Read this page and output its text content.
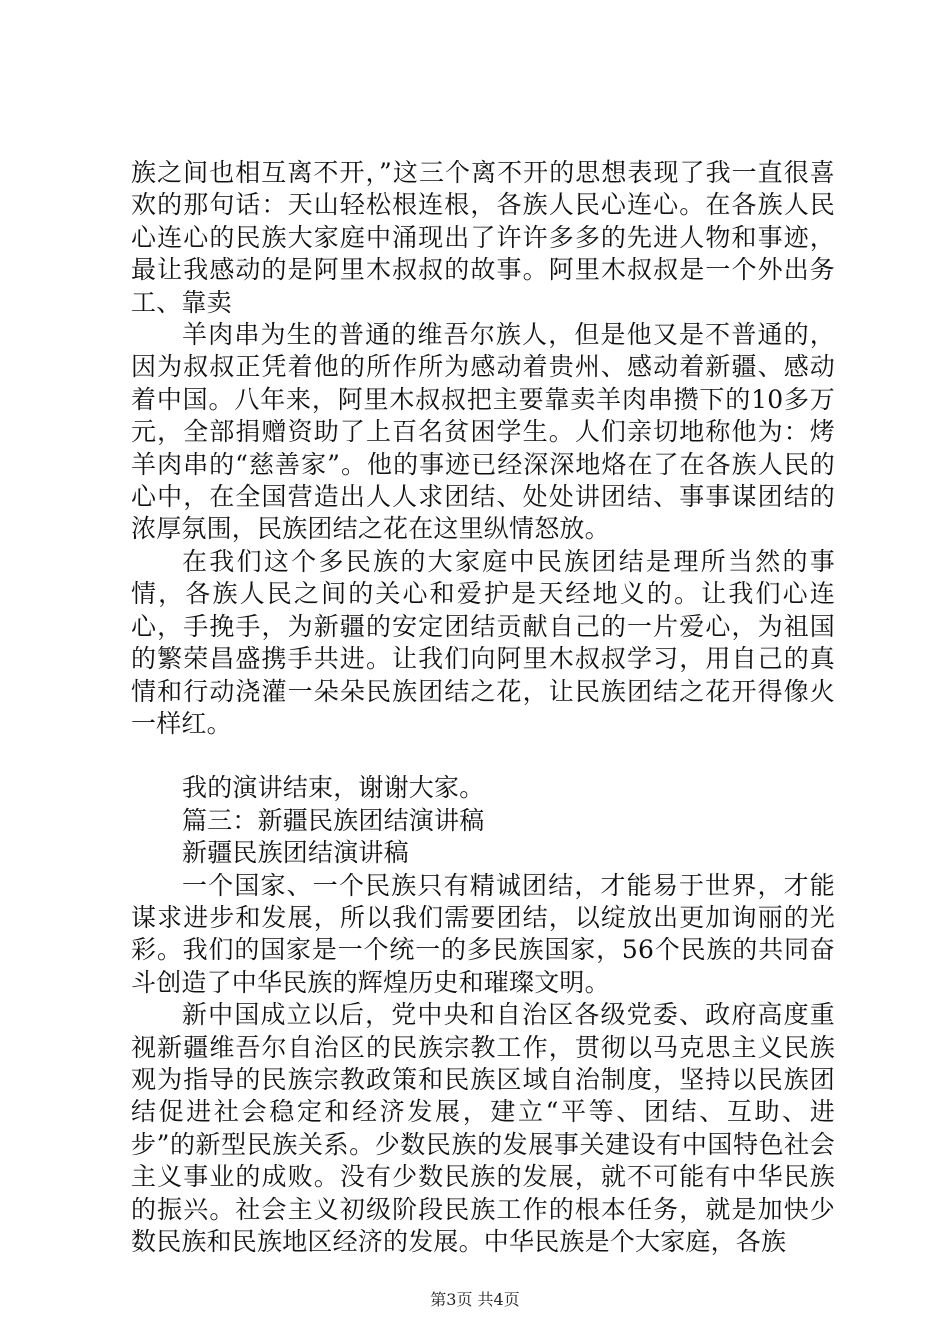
族之间也相互离不开，”这三个离不开的思想表现了我一直很喜欢的那句话：天山轻松根连根，各族人民心连心。在各族人民心连心的民族大家庭中涌现出了许许多多的先进人物和事迹，最让我感动的是阿里木叔叔的故事。阿里木叔叔是一个外出务工、靠卖

羊肉串为生的普通的维吾尔族人，但是他又是不普通的，因为叔叔正凭着他的所作所为感动着贵州、感动着新疆、感动着中国。八年来，阿里木叔叔把主要靠卖羊肉串攒下的10多万元，全部捐赠资助了上百名贫困学生。人们亲切地称他为：烤羊肉串的“慈善家”。他的事迹已经深深地烙在了在各族人民的心中，在全国营造出人人求团结、处处讲团结、事事谋团结的浓厚氛围，民族团结之花在这里纵情怒放。

在我们这个多民族的大家庭中民族团结是理所当然的事情，各族人民之间的关心和爱护是天经地义的。让我们心连心，手挽手，为新疆的安定团结贡献自己的一片爱心，为祖国的繁荣昌盛携手共进。让我们向阿里木叔叔学习，用自己的真情和行动浇灌一朵朵民族团结之花，让民族团结之花开得像火一样红。

我的演讲结束，谢谢大家。

篇三：新疆民族团结演讲稿

新疆民族团结演讲稿

一个国家、一个民族只有精诚团结，才能易于世界，才能谋求进步和发展，所以我们需要团结，以绽放出更加询丽的光彩。我们的国家是一个统一的多民族国家，56个民族的共同奋斗创造了中华民族的辉煌历史和璀璨文明。

新中国成立以后，党中央和自治区各级党委、政府高度重视新疆维吾尔自治区的民族宗教工作，贯彻以马克思主义民族观为指导的民族宗教政策和民族区域自治制度，坚持以民族团结促进社会稳定和经济发展，建立“平等、团结、互助、进步”的新型民族关系。少数民族的发展事关建设有中国特色社会主义事业的成败。没有少数民族的发展，就不可能有中华民族的振兴。社会主义初级阶段民族工作的根本任务，就是加快少数民族和民族地区经济的发展。中华民族是个大家庭，各族

第3页 共4页
